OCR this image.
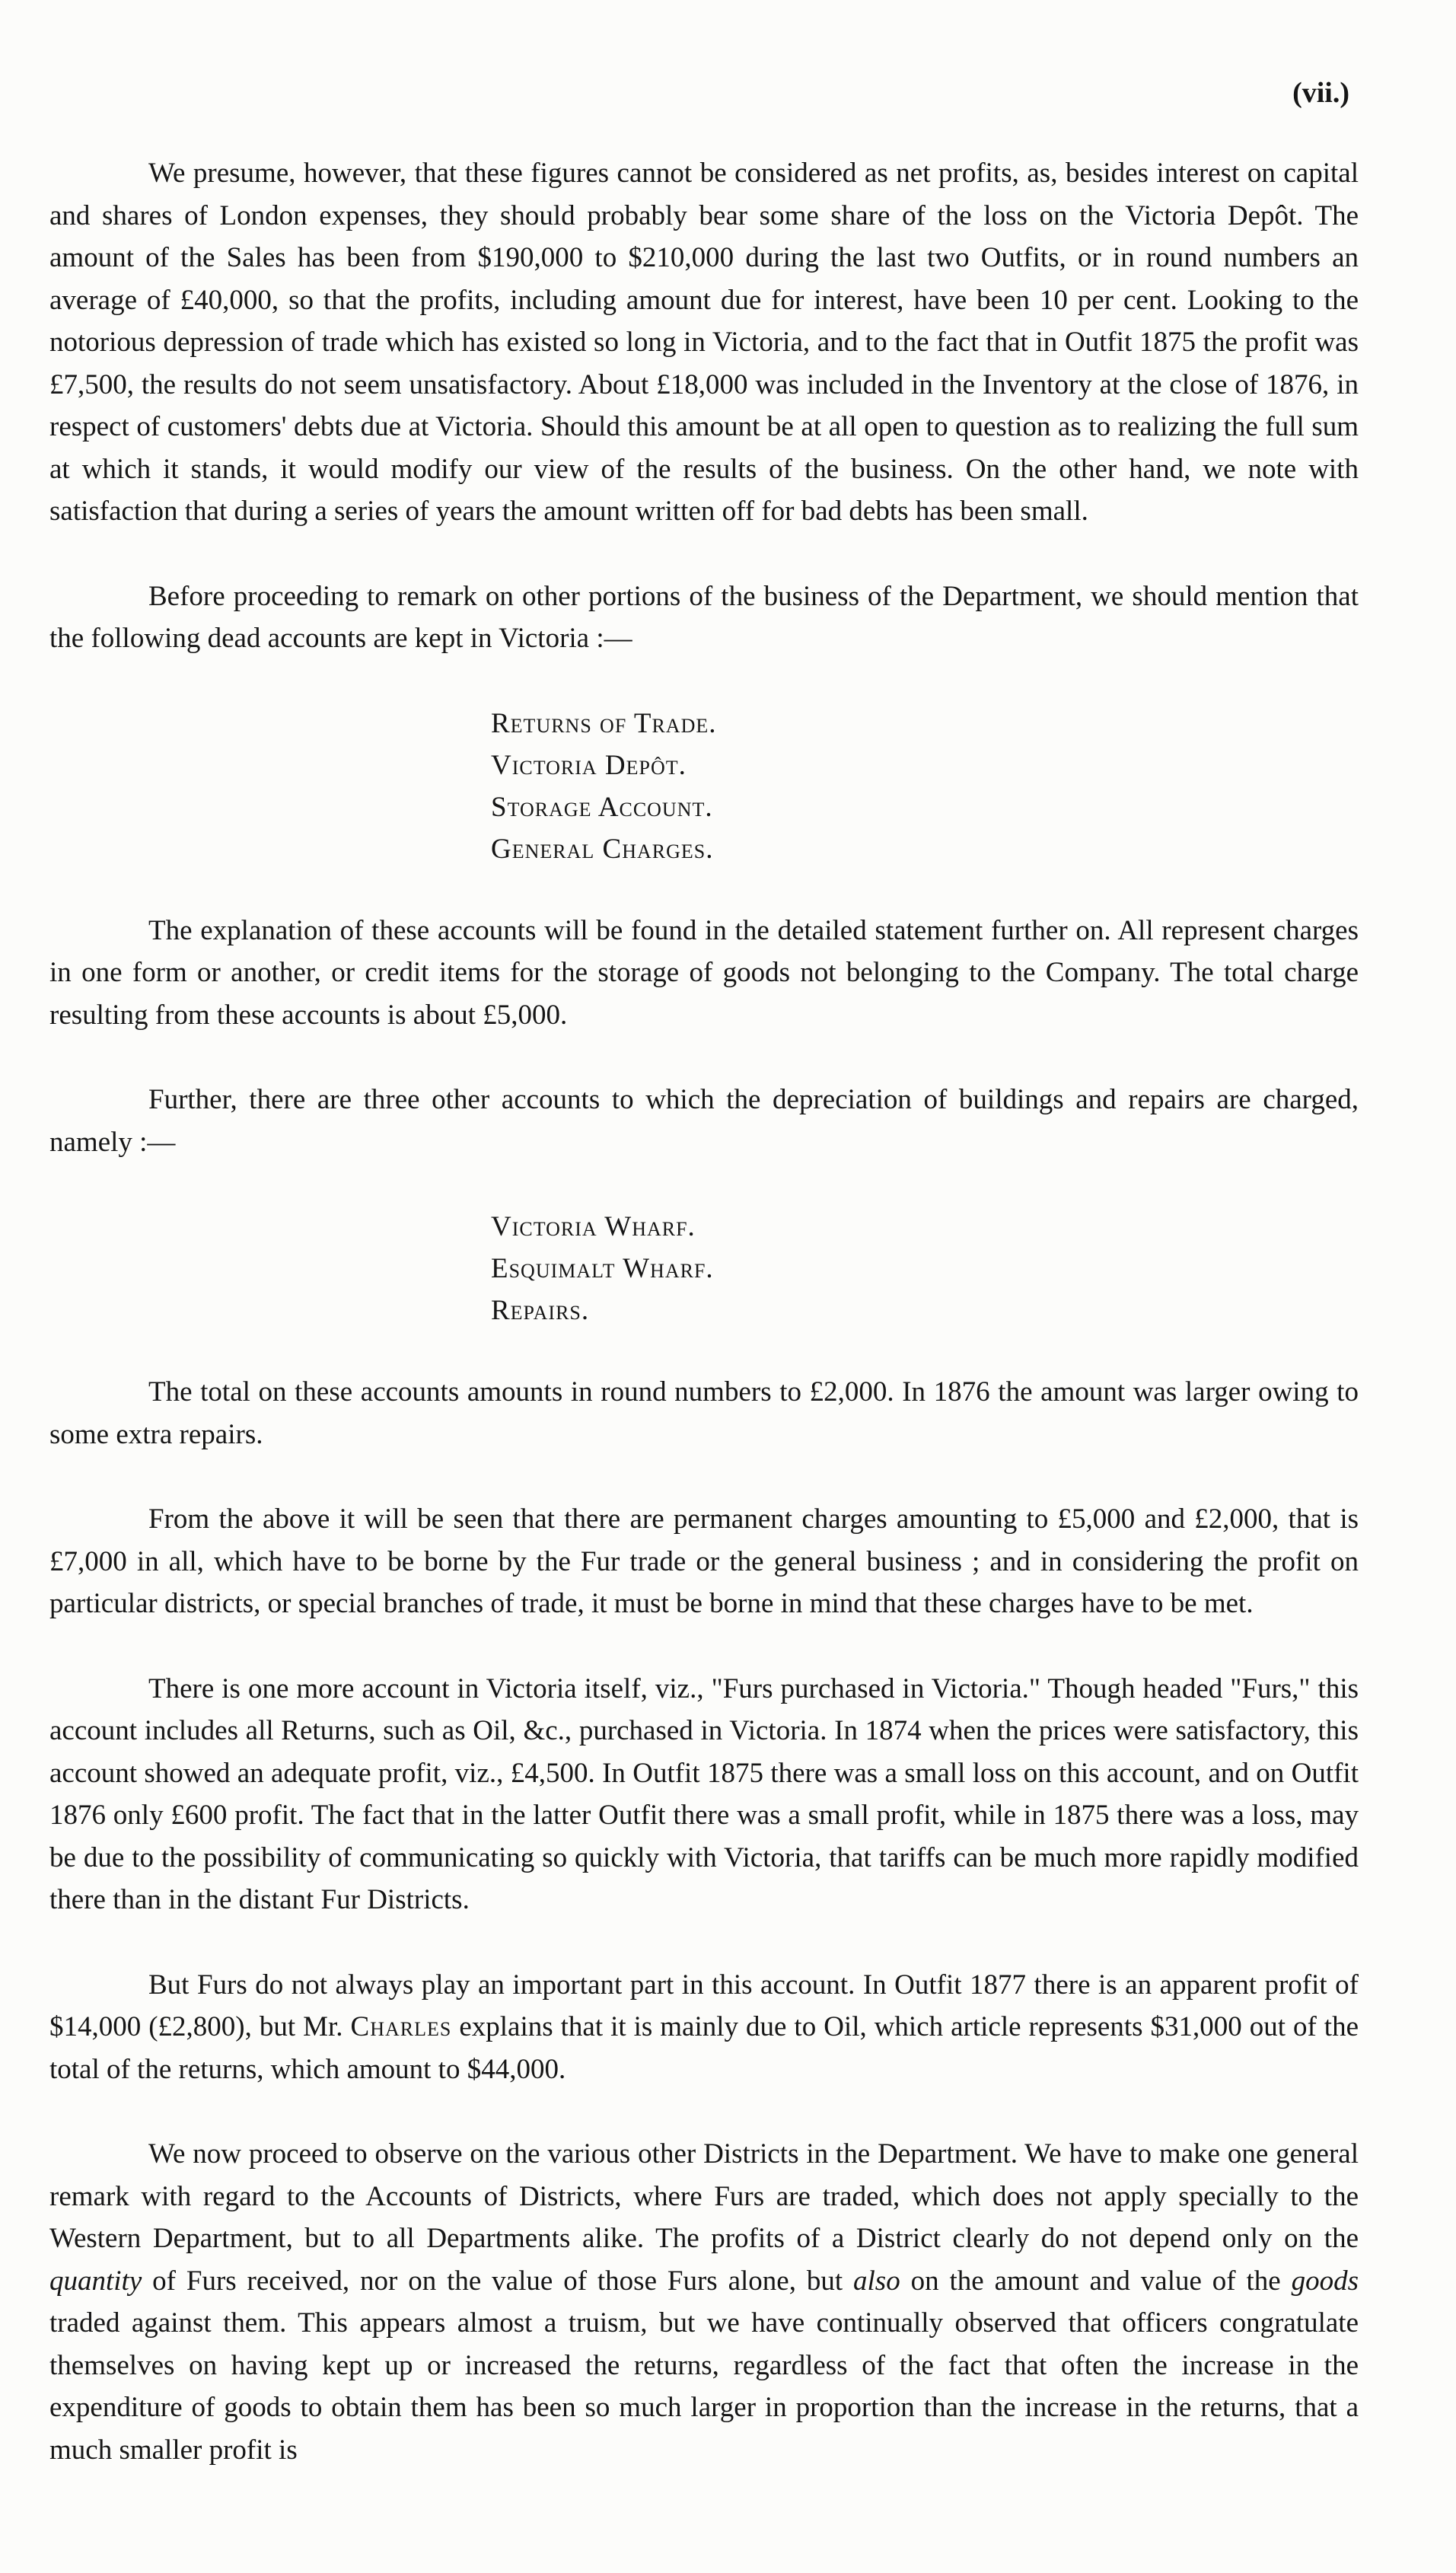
(vii.)

We presume, however, that these figures cannot be considered as net profits, as, besides interest on capital and shares of London expenses, they should probably bear some share of the loss on the Victoria Depôt. The amount of the Sales has been from $190,000 to $210,000 during the last two Outfits, or in round numbers an average of £40,000, so that the profits, including amount due for interest, have been 10 per cent. Looking to the notorious depression of trade which has existed so long in Victoria, and to the fact that in Outfit 1875 the profit was £7,500, the results do not seem unsatisfactory. About £18,000 was included in the Inventory at the close of 1876, in respect of customers' debts due at Victoria. Should this amount be at all open to question as to realizing the full sum at which it stands, it would modify our view of the results of the business. On the other hand, we note with satisfaction that during a series of years the amount written off for bad debts has been small.

Before proceeding to remark on other portions of the business of the Department, we should mention that the following dead accounts are kept in Victoria :—

Returns of Trade.
Victoria Depôt.
Storage Account.
General Charges.

The explanation of these accounts will be found in the detailed statement further on. All represent charges in one form or another, or credit items for the storage of goods not belonging to the Company. The total charge resulting from these accounts is about £5,000.

Further, there are three other accounts to which the depreciation of buildings and repairs are charged, namely :—

Victoria Wharf.
Esquimalt Wharf.
Repairs.

The total on these accounts amounts in round numbers to £2,000. In 1876 the amount was larger owing to some extra repairs.

From the above it will be seen that there are permanent charges amounting to £5,000 and £2,000, that is £7,000 in all, which have to be borne by the Fur trade or the general business ; and in considering the profit on particular districts, or special branches of trade, it must be borne in mind that these charges have to be met.

There is one more account in Victoria itself, viz., "Furs purchased in Victoria." Though headed "Furs," this account includes all Returns, such as Oil, &c., purchased in Victoria. In 1874 when the prices were satisfactory, this account showed an adequate profit, viz., £4,500. In Outfit 1875 there was a small loss on this account, and on Outfit 1876 only £600 profit. The fact that in the latter Outfit there was a small profit, while in 1875 there was a loss, may be due to the possibility of communicating so quickly with Victoria, that tariffs can be much more rapidly modified there than in the distant Fur Districts.

But Furs do not always play an important part in this account. In Outfit 1877 there is an apparent profit of $14,000 (£2,800), but Mr. Charles explains that it is mainly due to Oil, which article represents $31,000 out of the total of the returns, which amount to $44,000.

We now proceed to observe on the various other Districts in the Department. We have to make one general remark with regard to the Accounts of Districts, where Furs are traded, which does not apply specially to the Western Department, but to all Departments alike. The profits of a District clearly do not depend only on the quantity of Furs received, nor on the value of those Furs alone, but also on the amount and value of the goods traded against them. This appears almost a truism, but we have continually observed that officers congratulate themselves on having kept up or increased the returns, regardless of the fact that often the increase in the expenditure of goods to obtain them has been so much larger in proportion than the increase in the returns, that a much smaller profit is
